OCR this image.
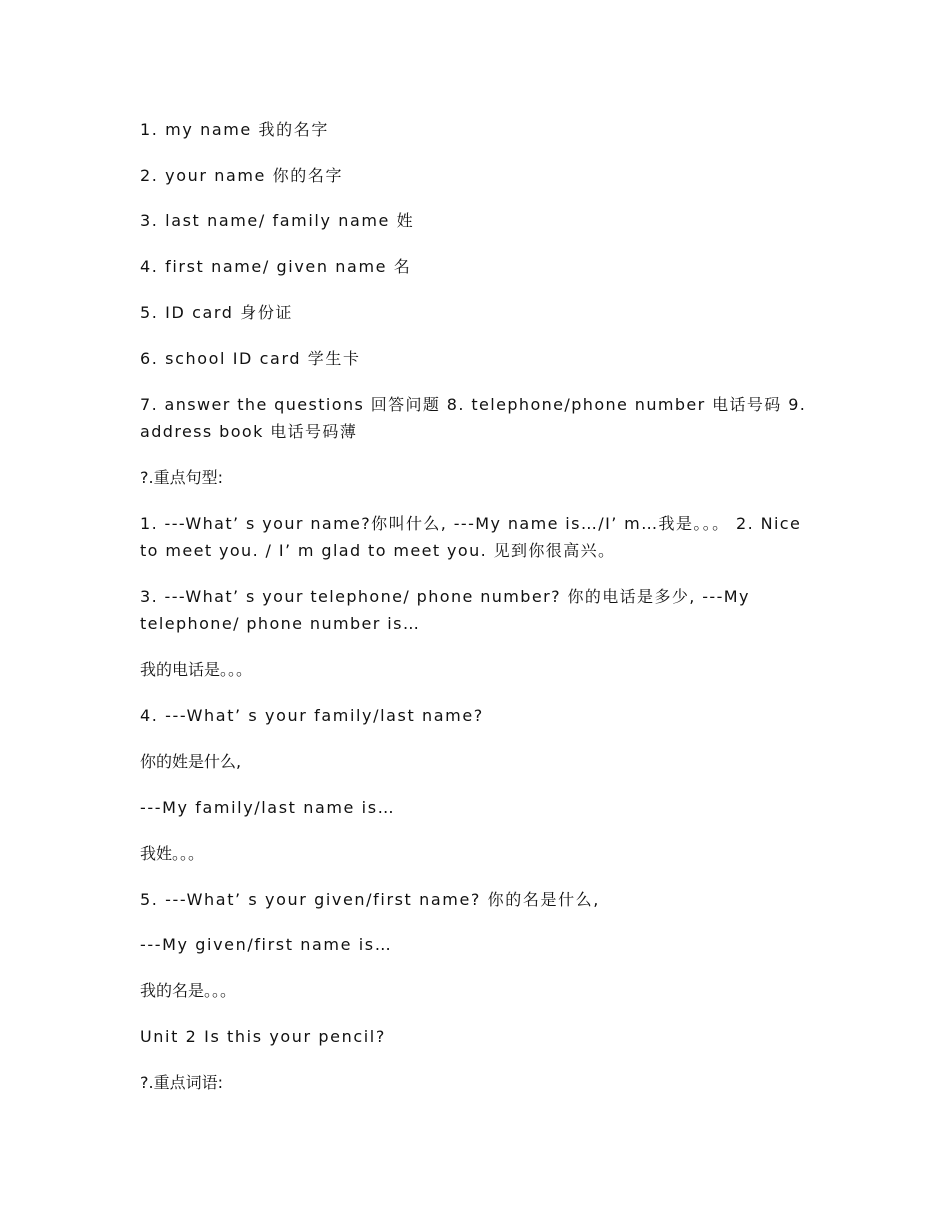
1. my name 我的名字
2. your name 你的名字
3. last name/ family name 姓
4. first name/ given name 名
5. ID card 身份证
6. school ID card 学生卡
7. answer the questions 回答问题 8. telephone/phone number 电话号码 9. address book 电话号码薄
?.重点句型:
1. ---What’ s your name?你叫什么, ---My name is…/I’ m…我是。。。 2. Nice to meet you. / I’ m glad to meet you. 见到你很高兴。
3. ---What’ s your telephone/ phone number? 你的电话是多少, ---My telephone/ phone number is…
我的电话是。。。
4. ---What’ s your family/last name?
你的姓是什么,
---My family/last name is…
我姓。。。
5. ---What’ s your given/first name? 你的名是什么,
---My given/first name is…
我的名是。。。
Unit 2 Is this your pencil?
?.重点词语:
